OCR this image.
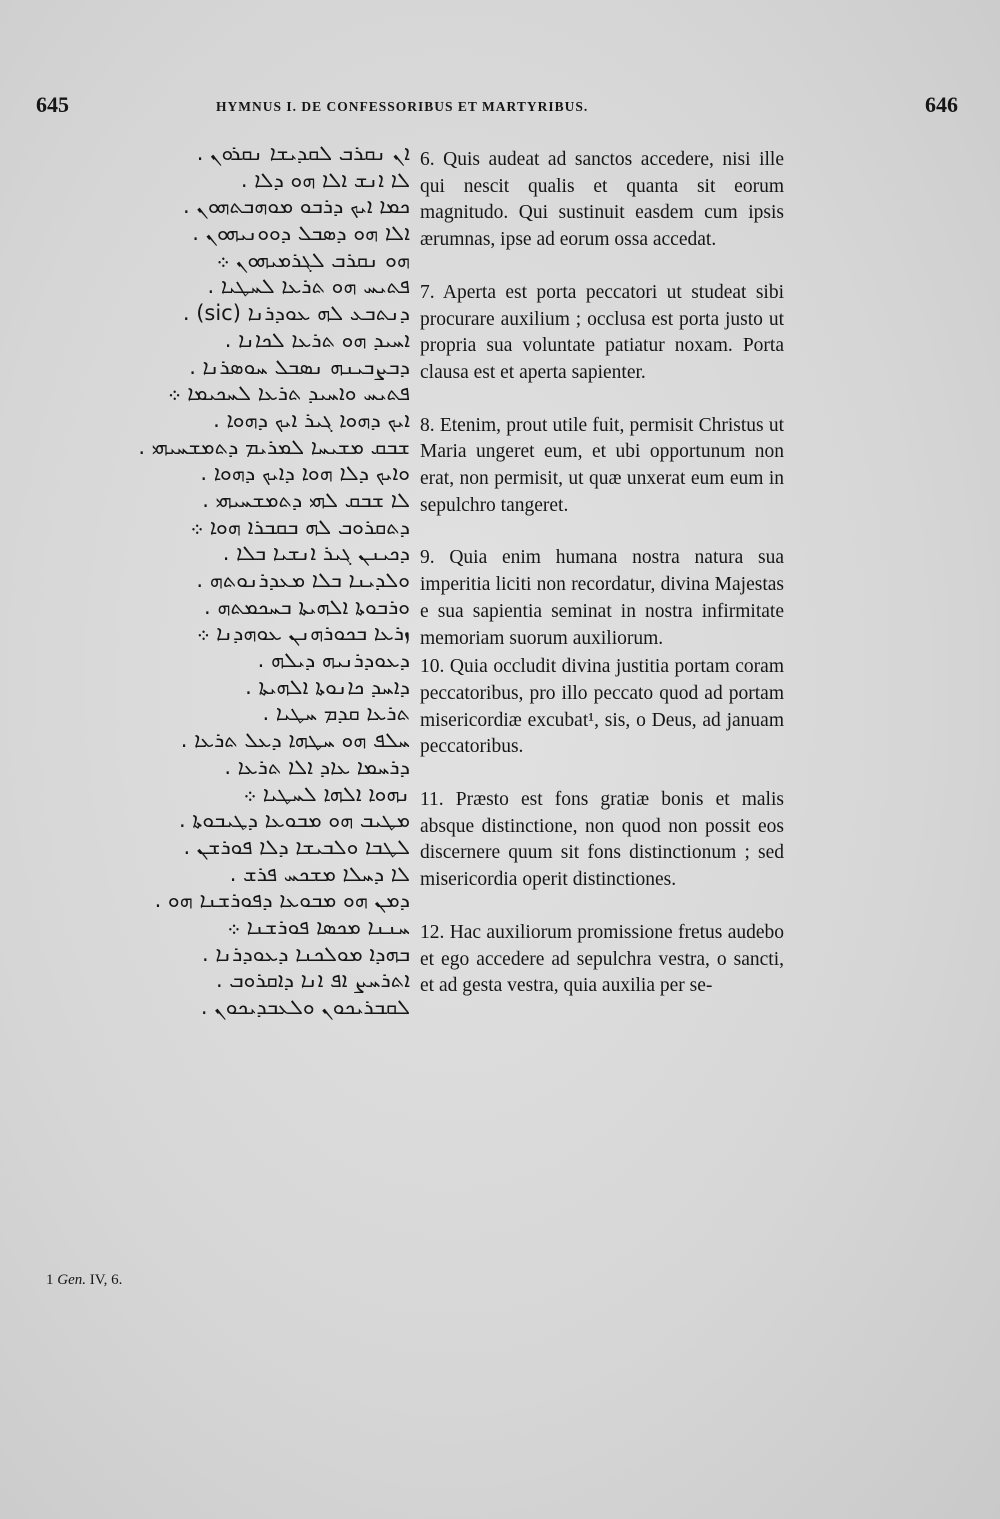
645	HYMNUS I. DE CONFESSORIBUS ET MARTYRIBUS.	646
ܐܢ ܢܩܪܒ ܠܩܕܝܫܐ ܢܩܪܘܢ .
ܠܐ ܐܢܫ ܐܠܐ ܗܘ ܕܠܐ .
ܟܡܐ ܐܝܟ ܕܪܒܘ ܡܘܗܒܬܗܘܢ .
ܐܠܐ ܗܘ ܕܣܒܠ ܕܘܘܢܝܗܘܢ .
ܗܘ ܢܩܪܒ ܠܓܪܡܝܗܘܢ ܀
ܦܬܝܚ ܗܘ ܬܪܥܐ ܠܚܛܝܐ .
ܕܢܬܒܥ ܠܗ ܥܘܕܪܢܐ (sic) .
ܐܚܝܕ ܗܘ ܬܪܥܐ ܠܟܐܢܐ .
ܕܒܨܒܝܢܗ ܢܣܒܠ ܚܘܣܪܢܐ .
ܦܬܝܚ ܘܐܚܝܕ ܬܪܥܐ ܠܚܟܝܡܐ ܀
ܐܝܟ ܕܗܘܐ ܓܝܪ ܐܝܟ ܕܗܘܐ .
ܫܒܩ ܡܫܝܚܐ ܠܡܪܝܡ ܕܬܡܫܚܝܗܝ .
ܘܐܝܟ ܕܠܐ ܗܘܐ ܕܐܝܟ ܕܗܘܐ .
ܠܐ ܫܒܩ ܠܗܝ ܕܬܡܫܚܝܗܝ .
ܕܬܩܪܘܒ ܠܗ ܒܩܒܪܐ ܗܘܐ ܀
ܕܟܝܢܢ ܓܝܪ ܐܢܫܝܐ ܒܠܐ .
ܘܠܕܝܢܐ ܒܠܐ ܡܥܕܪܢܘܬܗ .
ܘܪܒܘܬܐ ܐܠܗܝܬܐ ܒܚܟܡܬܗ .
ܙܪܥܐ ܒܟܘܪܗܢܢ ܥܘܗܕܢܐ ܀
ܕܥܘܕܪܢܝܗ ܕܝܠܗ .
ܕܐܚܕ ܟܐܢܘܬܐ ܐܠܗܝܬܐ .
ܬܪܥܐ ܩܕܡ ܚܛܝܐ .
ܚܠܦ ܗܘ ܚܛܗܐ ܕܥܠ ܬܪܥܐ .
ܕܪܚܡܐ ܥܐܕ ܐܠܐ ܬܪܥܐ .
ܢܗܘܐ ܐܠܗܐ ܠܚܛܝܐ ܀
ܡܛܝܒ ܗܘ ܡܒܘܥܐ ܕܛܝܒܘܬܐ .
ܠܛܒܐ ܘܠܒܝܫܐ ܕܠܐ ܦܘܪܫܢ .
ܠܐ ܕܚܠܐ ܡܫܟܚ ܦܪܫ .
ܕܡܢ ܗܘ ܡܒܘܥܐ ܕܦܘܪܫܢܐ ܗܘ .
ܚܢܢܐ ܡܟܣܐ ܦܘܪܫܢܐ ܀
ܒܗܕܐ ܡܘܠܟܢܐ ܕܥܘܕܪܢܐ .
ܐܬܪܚܨ ܐܦ ܐܢܐ ܕܐܩܪܘܒ .
ܠܩܒܪܝܟܘܢ ܘܠܥܒܕܝܟܘܢ .
1 Gen. IV, 6.

6. Quis audeat ad sanctos accedere, nisi ille qui nescit qualis et quanta sit eorum magnitudo. Qui sustinuit easdem cum ipsis ærumnas, ipse ad eorum ossa accedat.

7. Aperta est porta peccatori ut studeat sibi procurare auxilium ; occlusa est porta justo ut propria sua voluntate patiatur noxam. Porta clausa est et aperta sapienter.

8. Etenim, prout utile fuit, permisit Christus ut Maria ungeret eum, et ubi opportunum non erat, non permisit, ut quæ unxerat eum eum in sepulchro tangeret.

9. Quia enim humana nostra natura sua imperitia liciti non recordatur, divina Majestas e sua sapientia seminat in nostra infirmitate memoriam suorum auxiliorum.

10. Quia occludit divina justitia portam coram peccatoribus, pro illo peccato quod ad portam misericordiæ excubat¹, sis, o Deus, ad januam peccatoribus.

11. Præsto est fons gratiæ bonis et malis absque distinctione, non quod non possit eos discernere quum sit fons distinctionum ; sed misericordia operit distinctiones.

12. Hac auxiliorum promissione fretus audebo et ego accedere ad sepulchra vestra, o sancti, et ad gesta vestra, quia auxilia per se-
